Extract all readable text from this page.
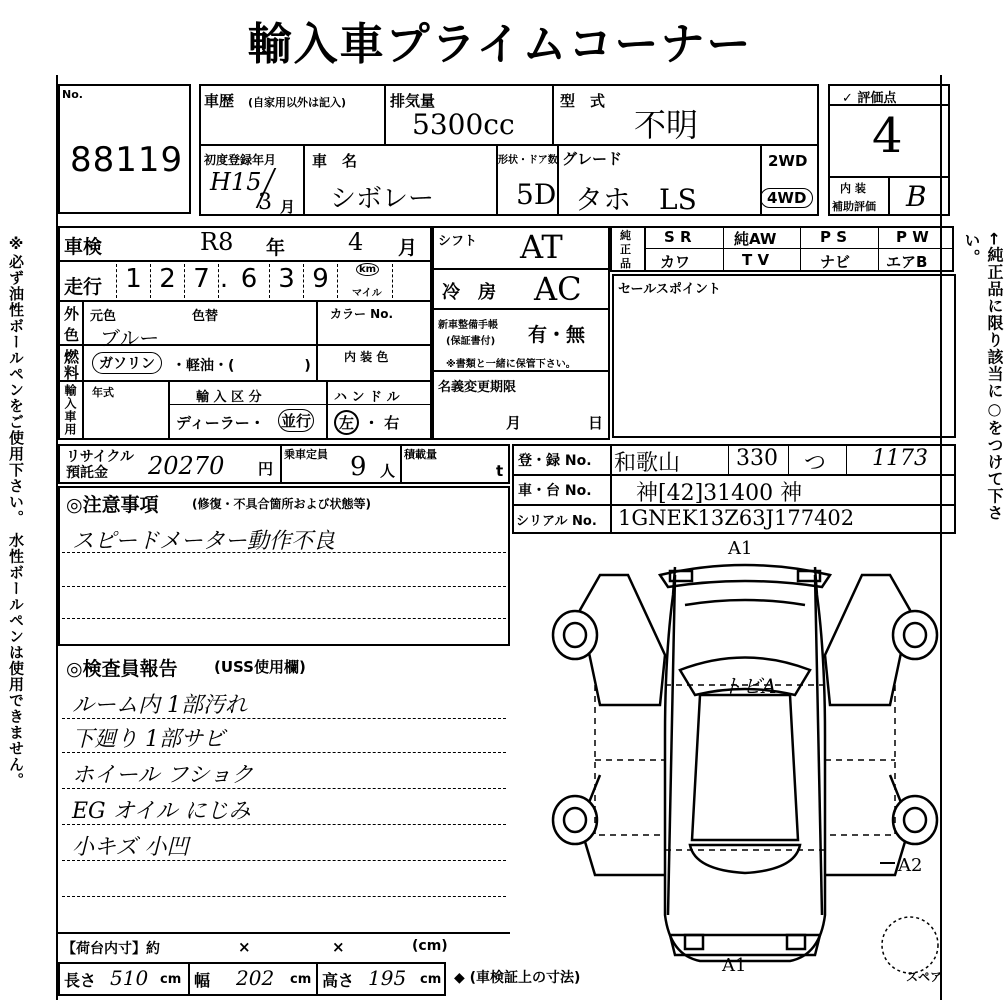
輸入車プライムコーナー
※必ず油性ボールペンをご使用下さい。 水性ボールペンは使用できません。	←純正品に限り該当に○をつけて下さい。
No.
88119
車歴 (自家用以外は記入)	排気量
5300cc
型　式
不明
初度登録年月
H15
3 月
車　名
シボレー
形状・ドア数
5D
グレード
タホ　LS
2WD
4WD
✓ 評価点
4
内 装
補助評価 B
車検	R8 年	4 月
走行 1 2 7 . 6 3 9	km
マイル
外
色
元色	色替	カラー No.
ブルー
燃
料	ガソリン	・軽油・(　　　　　)
内 装 色
輸入車用 年式	輸 入 区 分
ディーラー・ 並行
ハ ン ド ル
左 ・ 右
シフト AT
冷　房 AC
新車整備手帳
(保証書付) 有・無
※書類と一緒に保管下さい。
名義変更期限
月	日
純
正
品
S R	純AW	P S	P W
カワ	T V	ナビ エアB
セールスポイント
リサイクル
預託金 20270 円
乗車定員 9 人
積載量
t
登・録 No. 和歌山	330 つ 1173
車・台 No. 神[42]31400 神
シリアル No. 1GNEK13Z63J177402
◎注意事項	(修復・不具合箇所および状態等)
スピードメーター動作不良
◎検査員報告 (USS使用欄)
ルーム内 1部汚れ
下廻り 1部サビ
ホイール フショク
EG オイル にじみ
小キズ 小凹
A1
トビA
A2
A1
スペア
【荷台内寸】約	×	×	(cm)
長さ 510 cm 幅 202 cm 高さ 195 cm ◆ (車検証上の寸法)
